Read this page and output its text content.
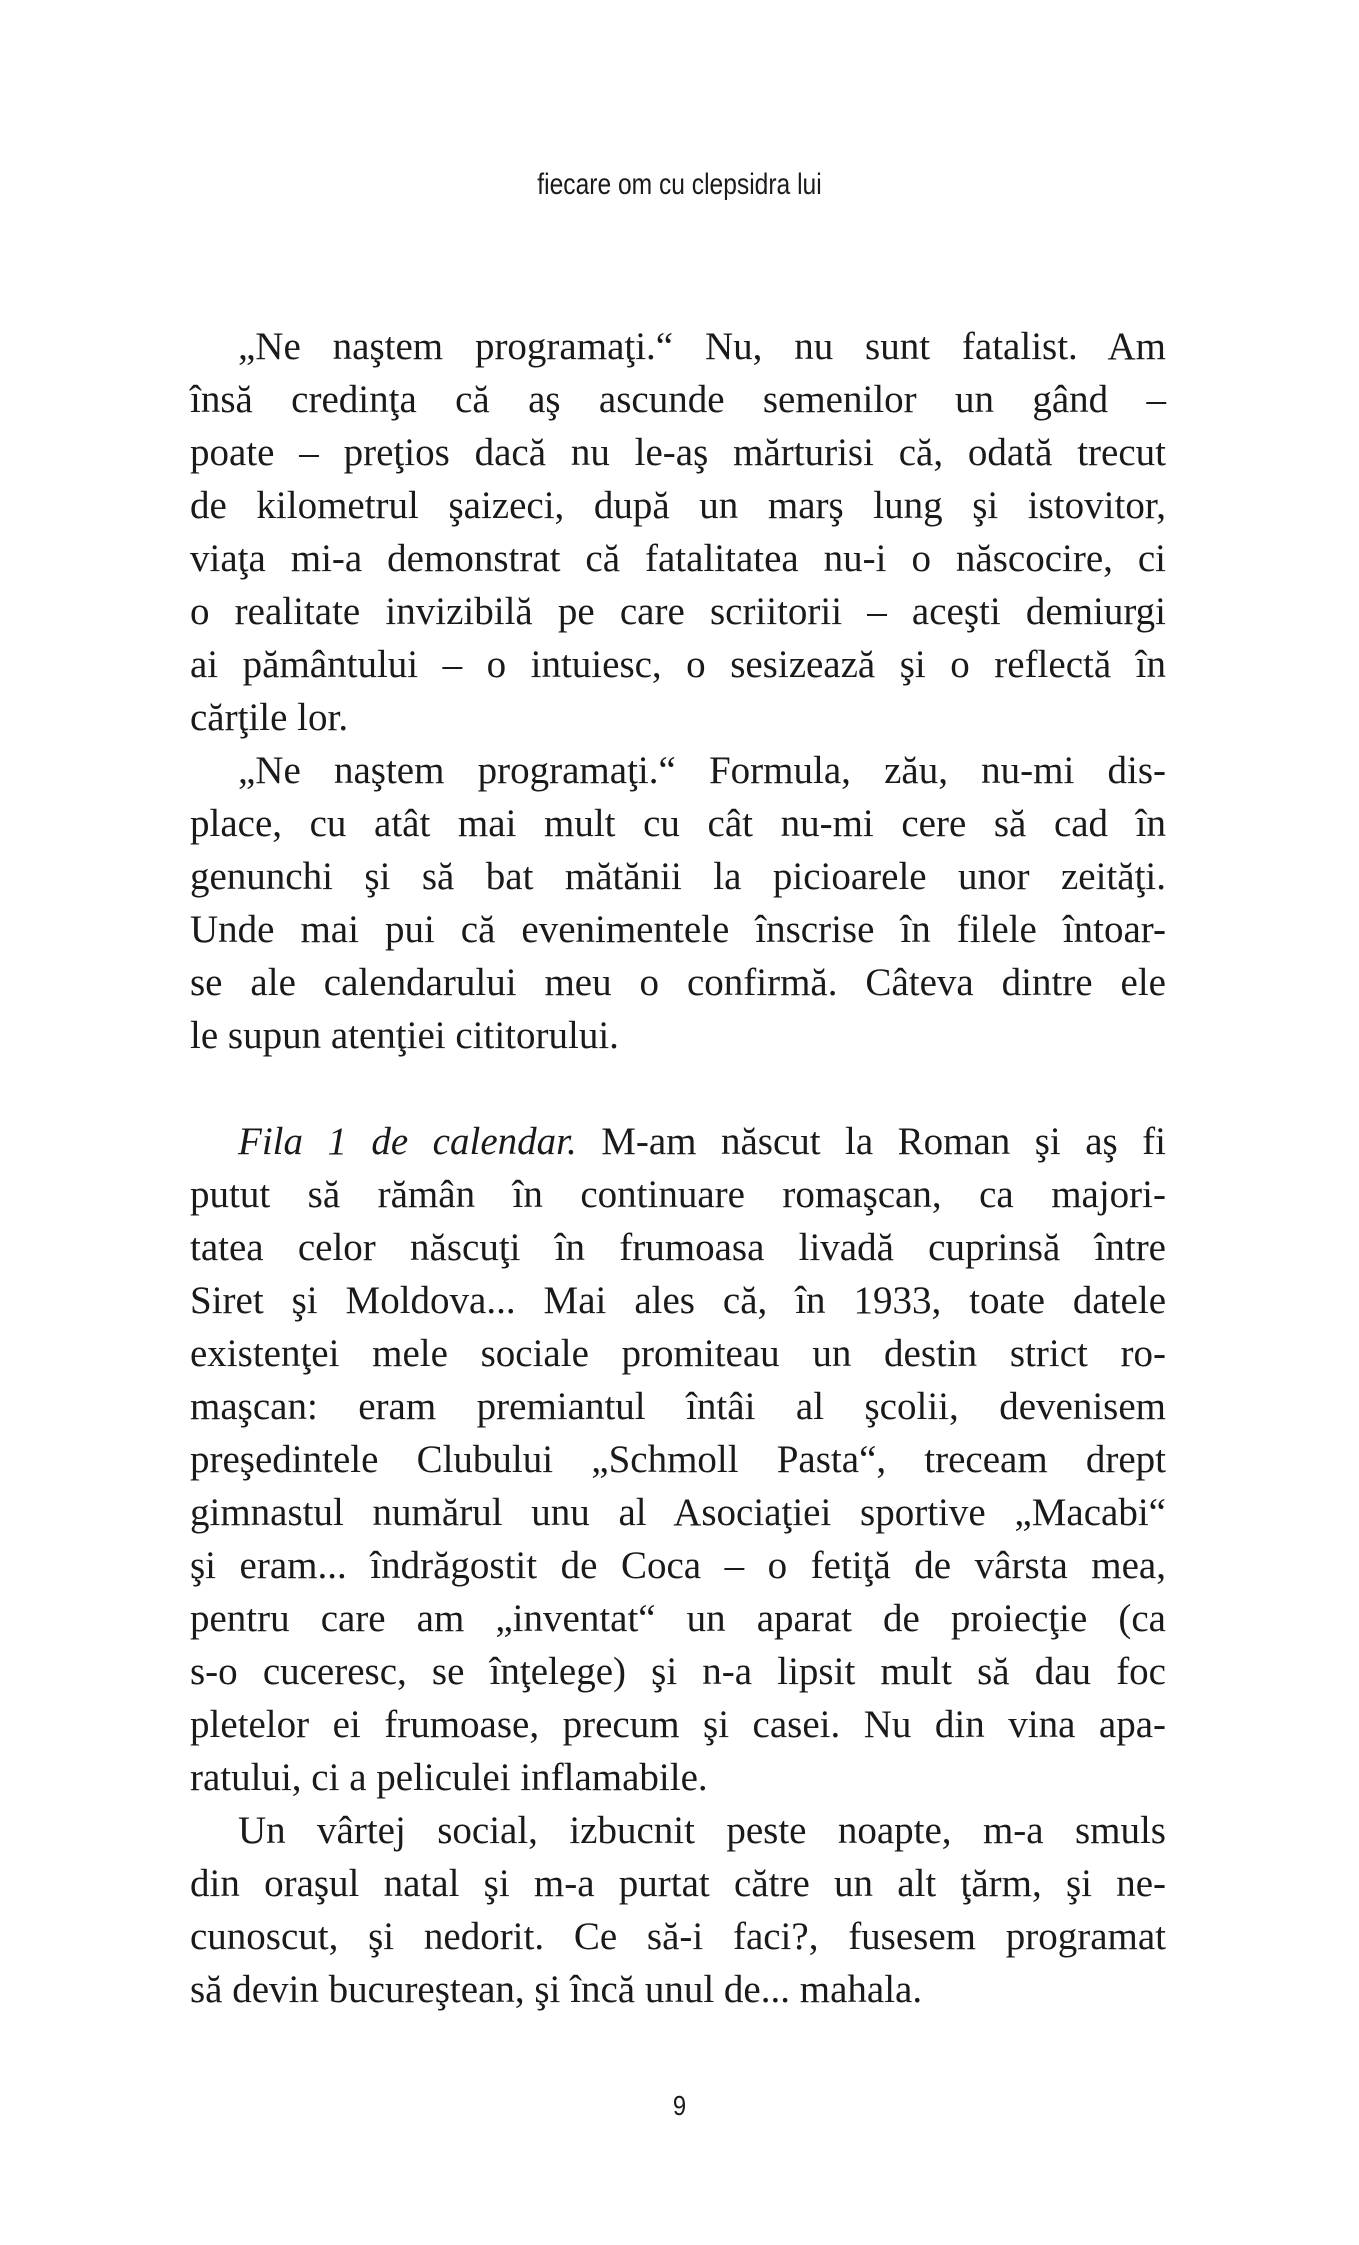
fiecare om cu clepsidra lui
„Ne naştem programaţi.“ Nu, nu sunt fatalist. Am
însă credinţa că aş ascunde semenilor un gând –
poate – preţios dacă nu le-aş mărturisi că, odată trecut
de kilometrul şaizeci, după un marş lung şi istovitor,
viaţa mi-a demonstrat că fatalitatea nu-i o născocire, ci
o realitate invizibilă pe care scriitorii – aceşti demiurgi
ai pământului – o intuiesc, o sesizează şi o reflectă în
cărţile lor.
„Ne naştem programaţi.“ Formula, zău, nu-mi dis-
place, cu atât mai mult cu cât nu-mi cere să cad în
genunchi şi să bat mătănii la picioarele unor zeităţi.
Unde mai pui că evenimentele înscrise în filele întoar-
se ale calendarului meu o confirmă. Câteva dintre ele
le supun atenţiei cititorului.
Fila 1 de calendar. M-am născut la Roman şi aş fi
putut să rămân în continuare romaşcan, ca majori-
tatea celor născuţi în frumoasa livadă cuprinsă între
Siret şi Moldova... Mai ales că, în 1933, toate datele
existenţei mele sociale promiteau un destin strict ro-
maşcan: eram premiantul întâi al şcolii, devenisem
preşedintele Clubului „Schmoll Pasta“, treceam drept
gimnastul numărul unu al Asociaţiei sportive „Macabi“
şi eram... îndrăgostit de Coca – o fetiţă de vârsta mea,
pentru care am „inventat“ un aparat de proiecţie (ca
s-o cuceresc, se înţelege) şi n-a lipsit mult să dau foc
pletelor ei frumoase, precum şi casei. Nu din vina apa-
ratului, ci a peliculei inflamabile.
Un vârtej social, izbucnit peste noapte, m-a smuls
din oraşul natal şi m-a purtat către un alt ţărm, şi ne-
cunoscut, şi nedorit. Ce să-i faci?, fusesem programat
să devin bucureştean, şi încă unul de... mahala.
9
